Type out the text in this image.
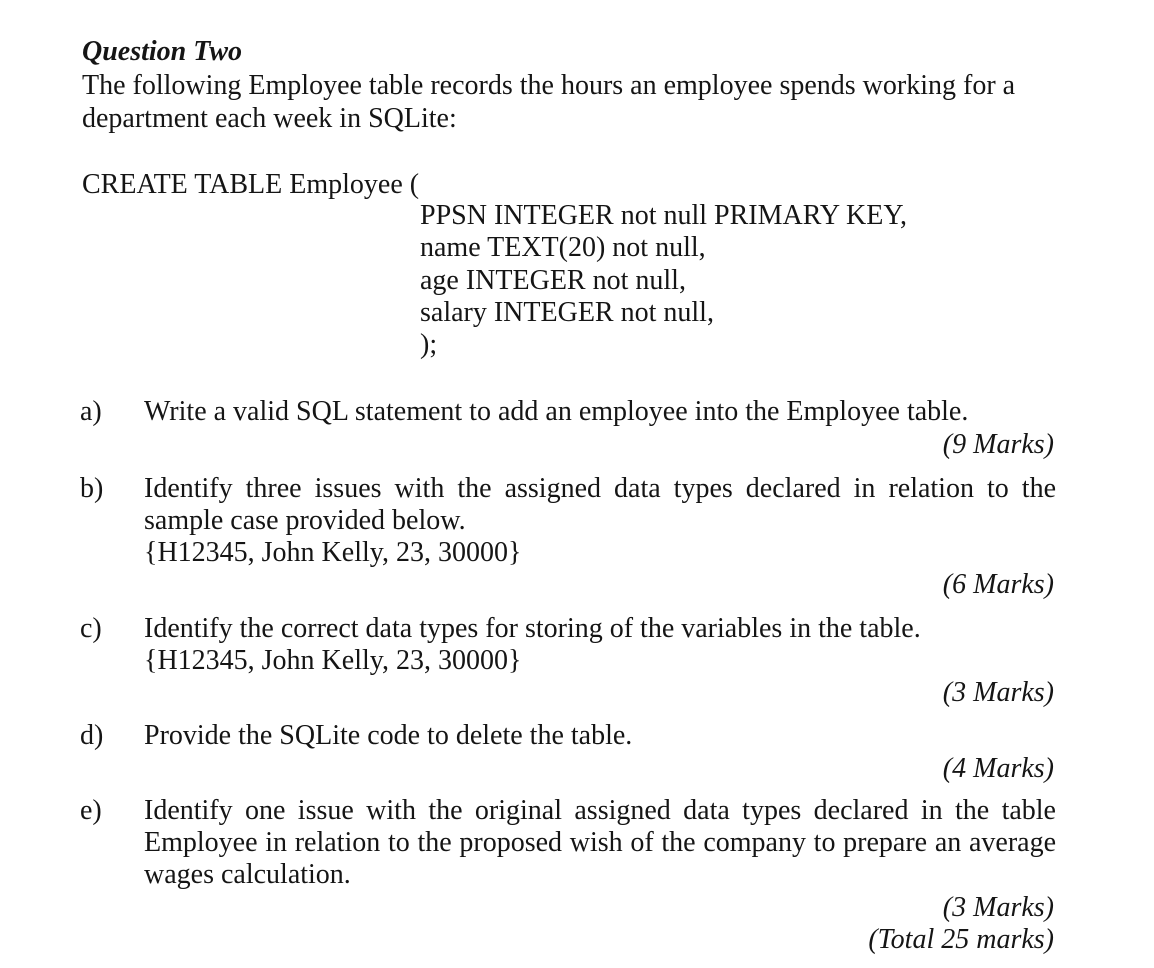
Question Two
The following Employee table records the hours an employee spends working for a
department each week in SQLite:
CREATE TABLE Employee (
PPSN INTEGER not null PRIMARY KEY,
name TEXT(20) not null,
age INTEGER not null,
salary INTEGER not null,
);
a) Write a valid SQL statement to add an employee into the Employee table.
(9 Marks)
b) Identify three issues with the assigned data types declared in relation to the
sample case provided below.
{H12345, John Kelly, 23, 30000}
(6 Marks)
c) Identify the correct data types for storing of the variables in the table.
{H12345, John Kelly, 23, 30000}
(3 Marks)
d) Provide the SQLite code to delete the table.
(4 Marks)
e) Identify one issue with the original assigned data types declared in the table
Employee in relation to the proposed wish of the company to prepare an average
wages calculation.
(3 Marks)
(Total 25 marks)
